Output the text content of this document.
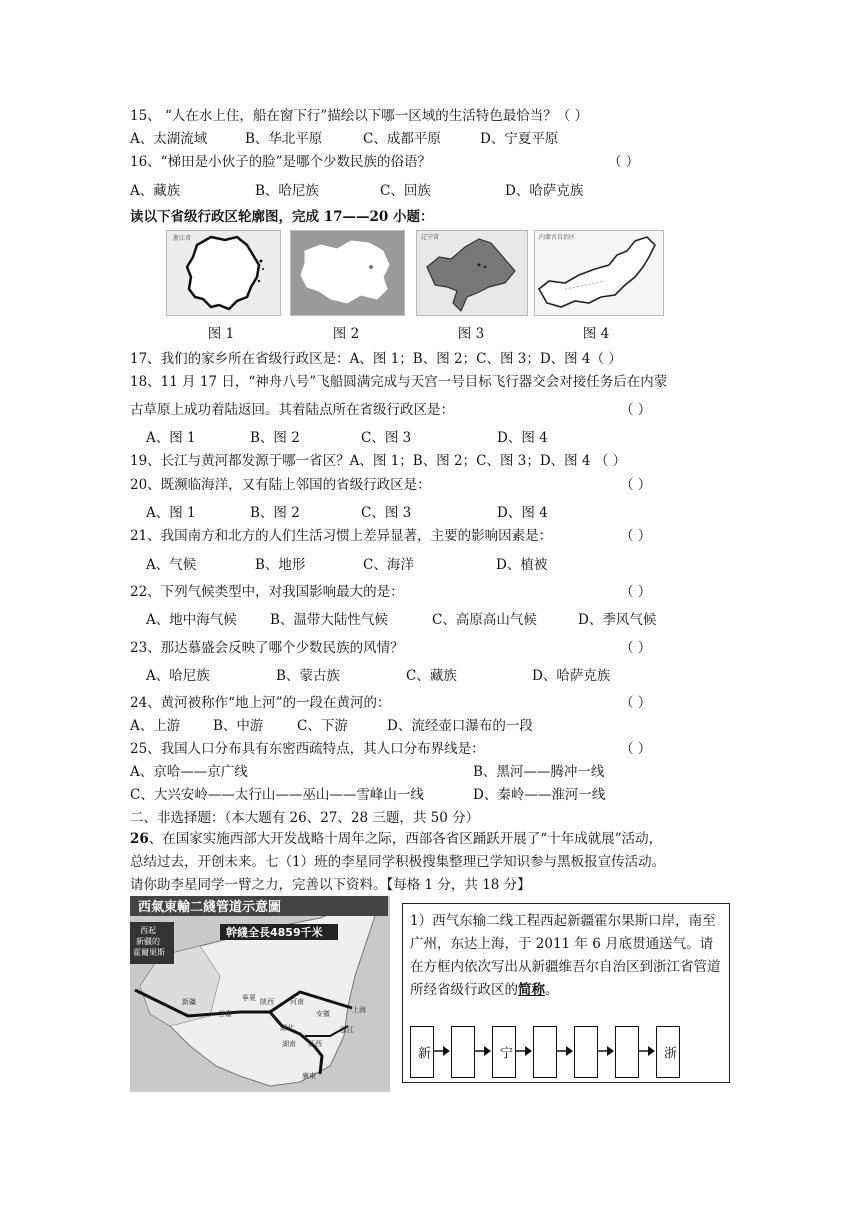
15、 “人在水上住，船在窗下行”描绘以下哪一区域的生活特色最恰当？（ ）
A、太湖流域	B、华北平原	C、成都平原	D、宁夏平原
16、“梯田是小伙子的脸”是哪个少数民族的俗语？	（ ）
A、藏族	B、哈尼族	C、回族	D、哈萨克族
读以下省级行政区轮廓图，完成 17——20 小题：
浙江省	辽宁省	内蒙古自治区
图 1	图 2	图 3	图 4
17、我们的家乡所在省级行政区是：A、图 1；B、图 2；C、图 3；D、图 4（ ）
18、11 月 17 日，“神舟八号”飞船圆满完成与天宫一号目标飞行器交会对接任务后在内蒙
古草原上成功着陆返回。其着陆点所在省级行政区是：	（ ）
A、图 1	B、图 2	C、图 3	D、图 4
19、长江与黄河都发源于哪一省区？A、图 1；B、图 2；C、图 3；D、图 4 （ ）
20、既濒临海洋，又有陆上邻国的省级行政区是：	（ ）
A、图 1	B、图 2	C、图 3	D、图 4
21、我国南方和北方的人们生活习惯上差异显著，主要的影响因素是：	（ ）
A、气候	B、地形	C、海洋	D、植被
22、下列气候类型中，对我国影响最大的是：	（ ）
A、地中海气候 B、温带大陆性气候	C、高原高山气候	D、季风气候
23、那达慕盛会反映了哪个少数民族的风情？	（ ）
A、哈尼族	B、蒙古族	C、藏族	D、哈萨克族
24、黄河被称作“地上河”的一段在黄河的：	（ ）
A、上游 B、中游 C、下游	D、流经壶口瀑布的一段
25、我国人口分布具有东密西疏特点，其人口分布界线是：	（ ）
A、京哈——京广线	B、黑河——腾冲一线
C、大兴安岭——太行山——巫山——雪峰山一线	D、秦岭——淮河一线
二、非选择题：（本大题有 26、27、28 三题，共 50 分）
26、在国家实施西部大开发战略十周年之际，西部各省区踊跃开展了“十年成就展”活动，
总结过去，开创未来。七（1）班的李星同学积极搜集整理已学知识参与黑板报宣传活动。
请你助李星同学一臂之力，完善以下资料。【每格 1 分，共 18 分】
西氣東輸二綫管道示意圖
幹綫全長4859千米
西起
新疆的
霍爾果斯
新疆
甘肅
寧夏 陝西 河南
安徽
湖北
湖南 江西
浙江
上海
廣東
1）西气东输二线工程西起新疆霍尔果斯口岸，南至广州，东达上海，于 2011 年 6 月底贯通送气。请在方框内依次写出从新疆维吾尔自治区到浙江省管道所经省级行政区的简称。
新	宁	浙
